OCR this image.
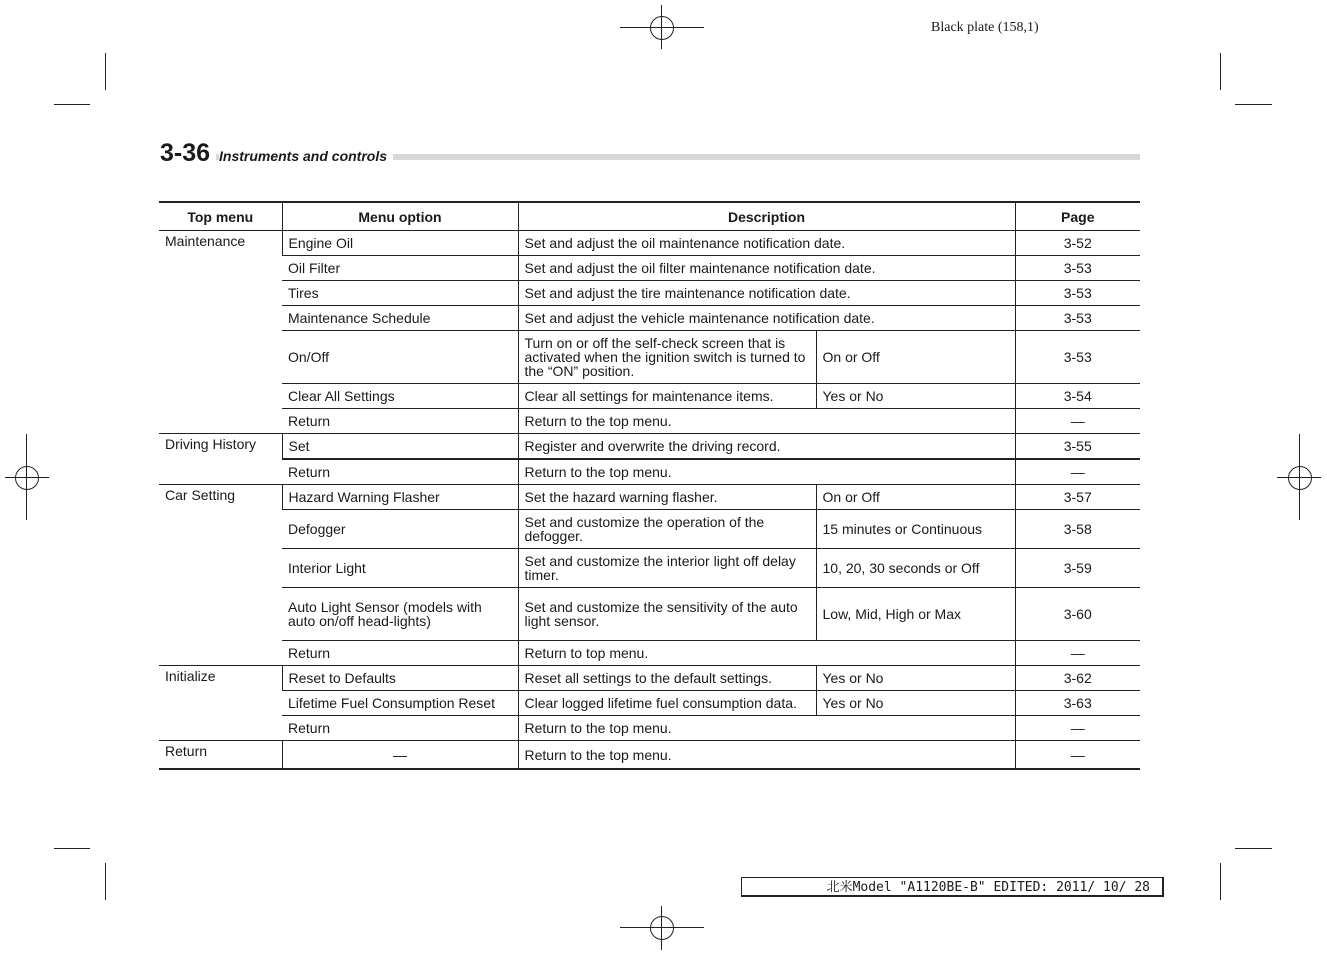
Black plate (158,1)
3-36 Instruments and controls
Top menu	Menu option	Description		Page
Maintenance	Engine Oil	Set and adjust the oil maintenance notification date.		3-52
	Oil Filter	Set and adjust the oil filter maintenance notification date.		3-53
	Tires	Set and adjust the tire maintenance notification date.		3-53
	Maintenance Schedule	Set and adjust the vehicle maintenance notification date.		3-53
	On/Off	Turn on or off the self-check screen that is activated when the ignition switch is turned to the “ON” position.	On or Off	3-53
	Clear All Settings	Clear all settings for maintenance items.	Yes or No	3-54
	Return	Return to the top menu.		—
Driving History	Set	Register and overwrite the driving record.		3-55
	Return	Return to the top menu.		—
Car Setting	Hazard Warning Flasher	Set the hazard warning flasher.	On or Off	3-57
	Defogger	Set and customize the operation of the defogger.	15 minutes or Continuous	3-58
	Interior Light	Set and customize the interior light off delay timer.	10, 20, 30 seconds or Off	3-59
	Auto Light Sensor (models with auto on/off head-lights)	Set and customize the sensitivity of the auto light sensor.	Low, Mid, High or Max	3-60
	Return	Return to top menu.		—
Initialize	Reset to Defaults	Reset all settings to the default settings.	Yes or No	3-62
	Lifetime Fuel Consumption Reset	Clear logged lifetime fuel consumption data.	Yes or No	3-63
	Return	Return to the top menu.		—
Return	—	Return to the top menu.		—
北米Model "A1120BE-B" EDITED: 2011/ 10/ 28
